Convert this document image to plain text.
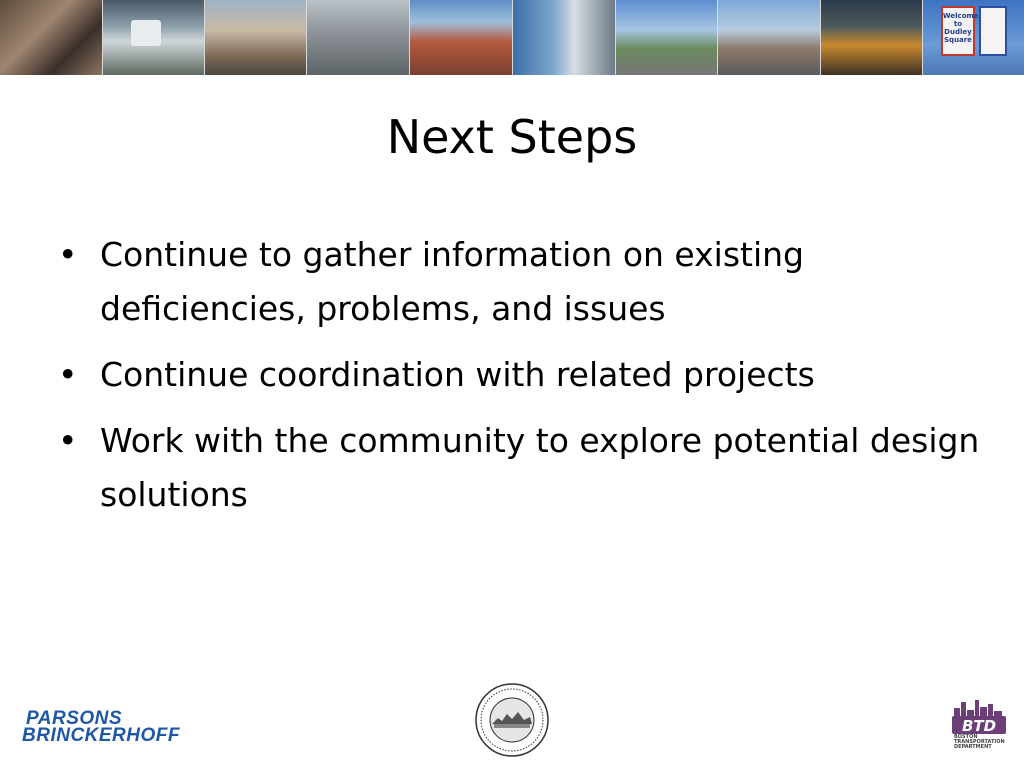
Welcome to Dudley Square
Next Steps
• Continue to gather information on existing deficiencies, problems, and issues
• Continue coordination with related projects
• Work with the community to explore potential design solutions
PARSONS
BRINCKERHOFF	BTD
BOSTON TRANSPORTATION DEPARTMENT
